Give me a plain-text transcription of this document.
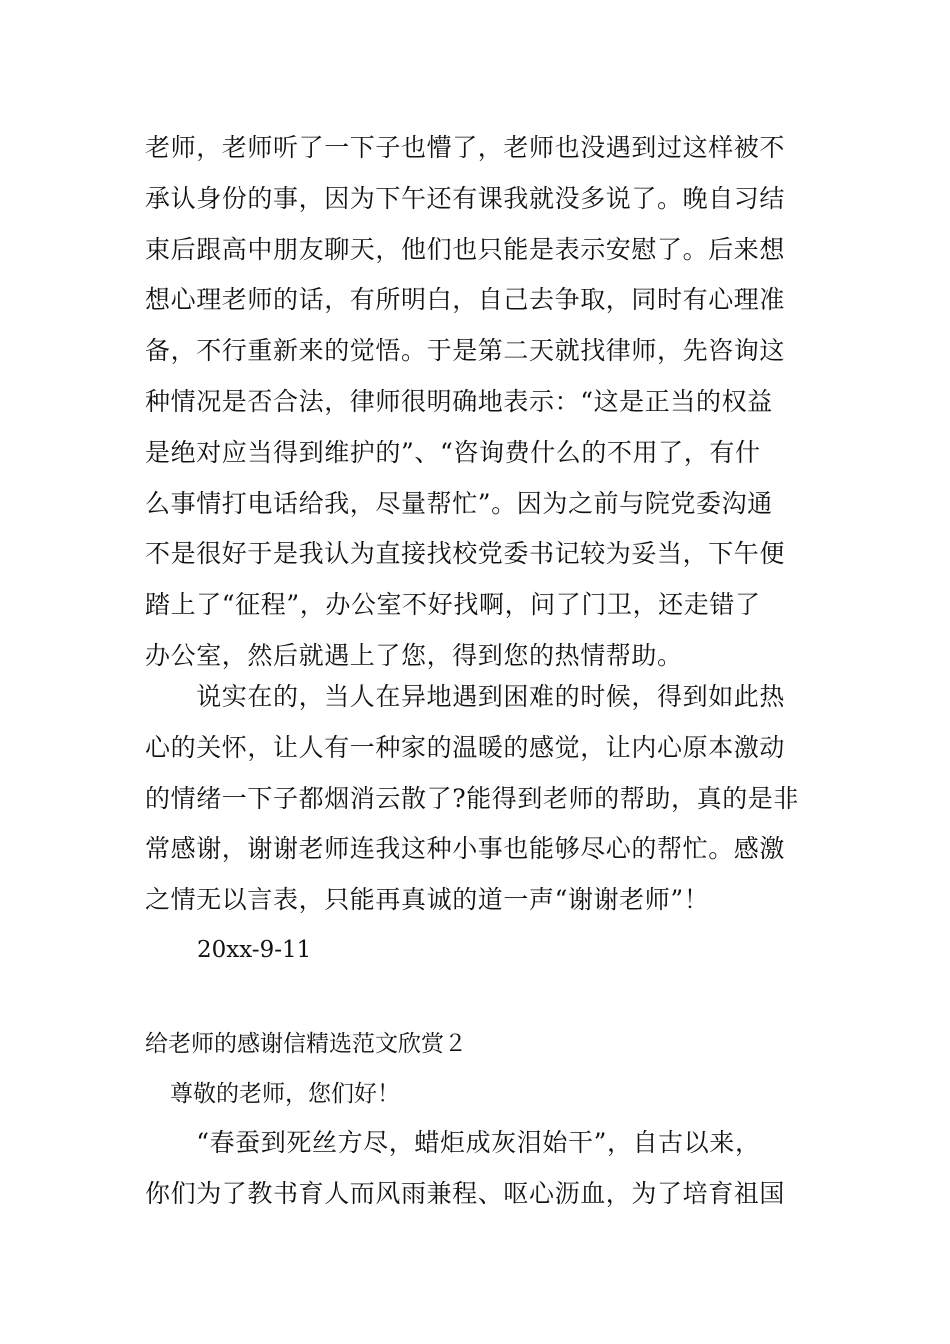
老师，老师听了一下子也懵了，老师也没遇到过这样被不
承认身份的事，因为下午还有课我就没多说了。晚自习结
束后跟高中朋友聊天，他们也只能是表示安慰了。后来想
想心理老师的话，有所明白，自己去争取，同时有心理准
备，不行重新来的觉悟。于是第二天就找律师，先咨询这
种情况是否合法，律师很明确地表示：“这是正当的权益
是绝对应当得到维护的”、“咨询费什么的不用了，有什
么事情打电话给我，尽量帮忙”。因为之前与院党委沟通
不是很好于是我认为直接找校党委书记较为妥当，下午便
踏上了“征程”，办公室不好找啊，问了门卫，还走错了
办公室，然后就遇上了您，得到您的热情帮助。
　　说实在的，当人在异地遇到困难的时候，得到如此热
心的关怀，让人有一种家的温暖的感觉，让内心原本激动
的情绪一下子都烟消云散了?能得到老师的帮助，真的是非
常感谢，谢谢老师连我这种小事也能够尽心的帮忙。感激
之情无以言表，只能再真诚的道一声“谢谢老师”！
20xx-9-11
给老师的感谢信精选范文欣赏２
尊敬的老师，您们好！
　　“春蚕到死丝方尽，蜡炬成灰泪始干”，自古以来，
你们为了教书育人而风雨兼程、呕心沥血，为了培育祖国
